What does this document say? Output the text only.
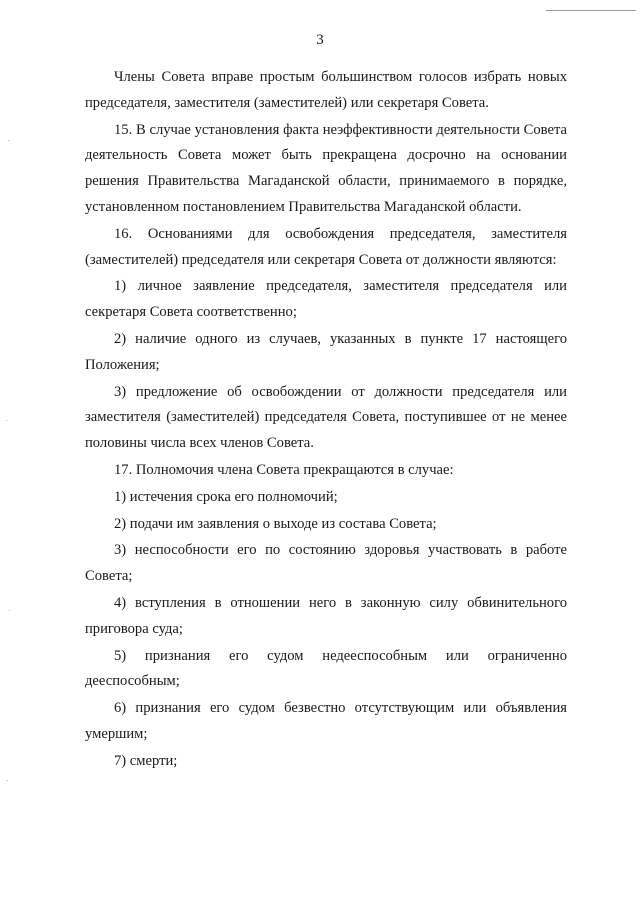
3

Члены Совета вправе простым большинством голосов избрать новых председателя, заместителя (заместителей) или секретаря Совета.

15. В случае установления факта неэффективности деятельности Совета деятельность Совета может быть прекращена досрочно на основании решения Правительства Магаданской области, принимаемого в порядке, установленном постановлением Правительства Магаданской области.

16. Основаниями для освобождения председателя, заместителя (заместителей) председателя или секретаря Совета от должности являются:

1) личное заявление председателя, заместителя председателя или секретаря Совета соответственно;

2) наличие одного из случаев, указанных в пункте 17 настоящего Положения;

3) предложение об освобождении от должности председателя или заместителя (заместителей) председателя Совета, поступившее от не менее половины числа всех членов Совета.

17. Полномочия члена Совета прекращаются в случае:

1) истечения срока его полномочий;

2) подачи им заявления о выходе из состава Совета;

3) неспособности его по состоянию здоровья участвовать в работе Совета;

4) вступления в отношении него в законную силу обвинительного приговора суда;

5) признания его судом недееспособным или ограниченно дееспособным;

6) признания его судом безвестно отсутствующим или объявления умершим;

7) смерти;
